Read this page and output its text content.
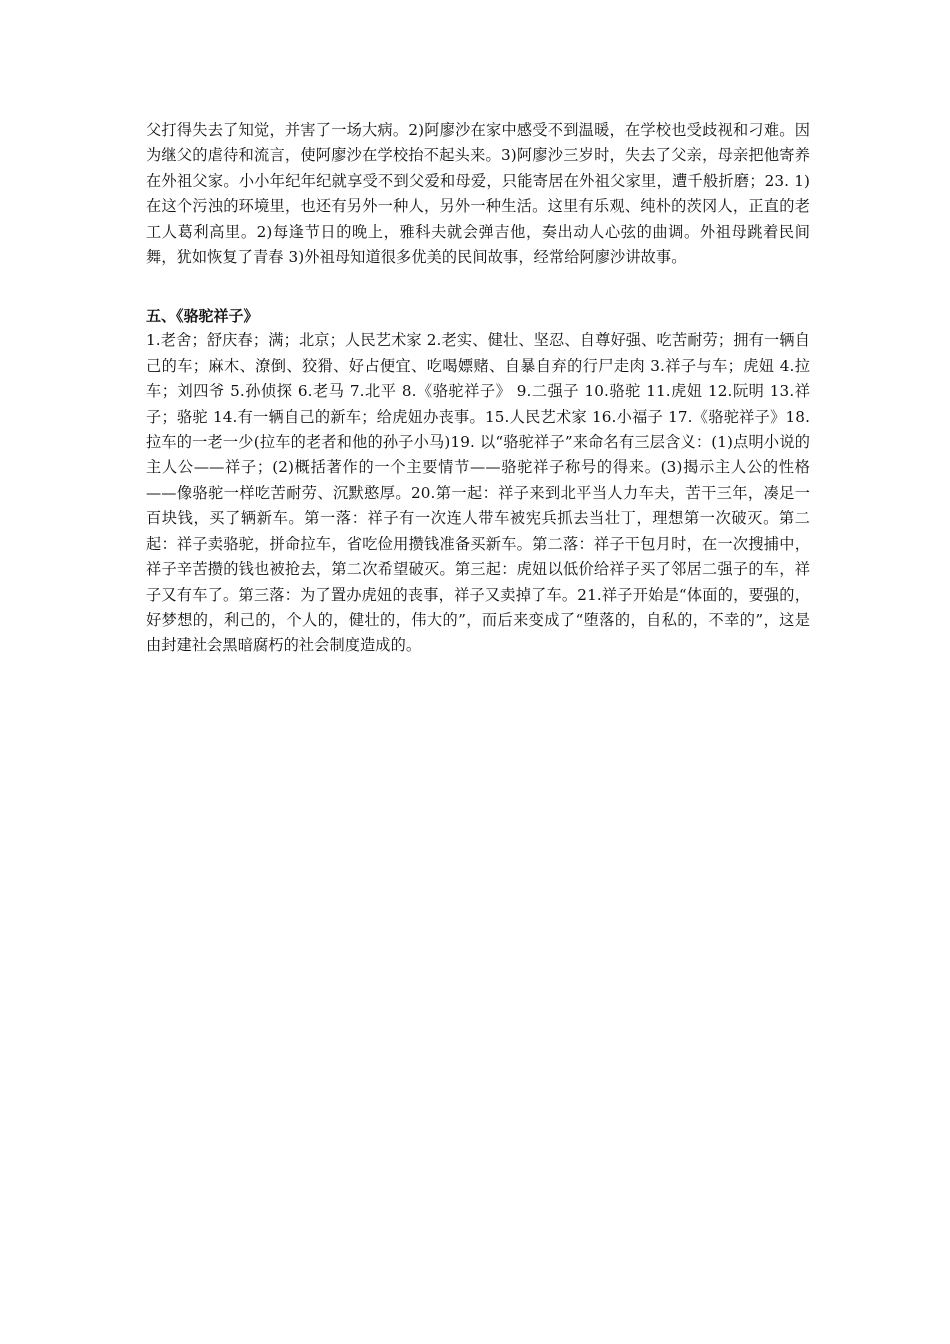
父打得失去了知觉，并害了一场大病。2)阿廖沙在家中感受不到温暖，在学校也受歧视和刁难。因为继父的虐待和流言，使阿廖沙在学校抬不起头来。3)阿廖沙三岁时，失去了父亲，母亲把他寄养在外祖父家。小小年纪年纪就享受不到父爱和母爱，只能寄居在外祖父家里，遭千般折磨；23. 1)在这个污浊的环境里，也还有另外一种人，另外一种生活。这里有乐观、纯朴的茨冈人，正直的老工人葛利高里。2)每逢节日的晚上，雅科夫就会弹吉他，奏出动人心弦的曲调。外祖母跳着民间舞，犹如恢复了青春 3)外祖母知道很多优美的民间故事，经常给阿廖沙讲故事。

五、《骆驼祥子》

1.老舍；舒庆春；满；北京；人民艺术家 2.老实、健壮、坚忍、自尊好强、吃苦耐劳；拥有一辆自己的车；麻木、潦倒、狡猾、好占便宜、吃喝嫖赌、自暴自弃的行尸走肉 3.祥子与车；虎妞 4.拉车；刘四爷 5.孙侦探 6.老马 7.北平 8.《骆驼祥子》 9.二强子 10.骆驼 11.虎妞 12.阮明 13.祥子；骆驼 14.有一辆自己的新车；给虎妞办丧事。15.人民艺术家 16.小福子 17.《骆驼祥子》18. 拉车的一老一少(拉车的老者和他的孙子小马)19. 以“骆驼祥子”来命名有三层含义：(1)点明小说的主人公——祥子；(2)概括著作的一个主要情节——骆驼祥子称号的得来。(3)揭示主人公的性格——像骆驼一样吃苦耐劳、沉默憨厚。20.第一起：祥子来到北平当人力车夫，苦干三年，凑足一百块钱，买了辆新车。第一落：祥子有一次连人带车被宪兵抓去当壮丁，理想第一次破灭。第二起：祥子卖骆驼，拼命拉车，省吃俭用攒钱准备买新车。第二落：祥子干包月时，在一次搜捕中，祥子辛苦攒的钱也被抢去，第二次希望破灭。第三起：虎妞以低价给祥子买了邻居二强子的车，祥子又有车了。第三落：为了置办虎妞的丧事，祥子又卖掉了车。21.祥子开始是“体面的，要强的，好梦想的，利己的，个人的，健壮的，伟大的”，而后来变成了“堕落的，自私的，不幸的”，这是由封建社会黑暗腐朽的社会制度造成的。
